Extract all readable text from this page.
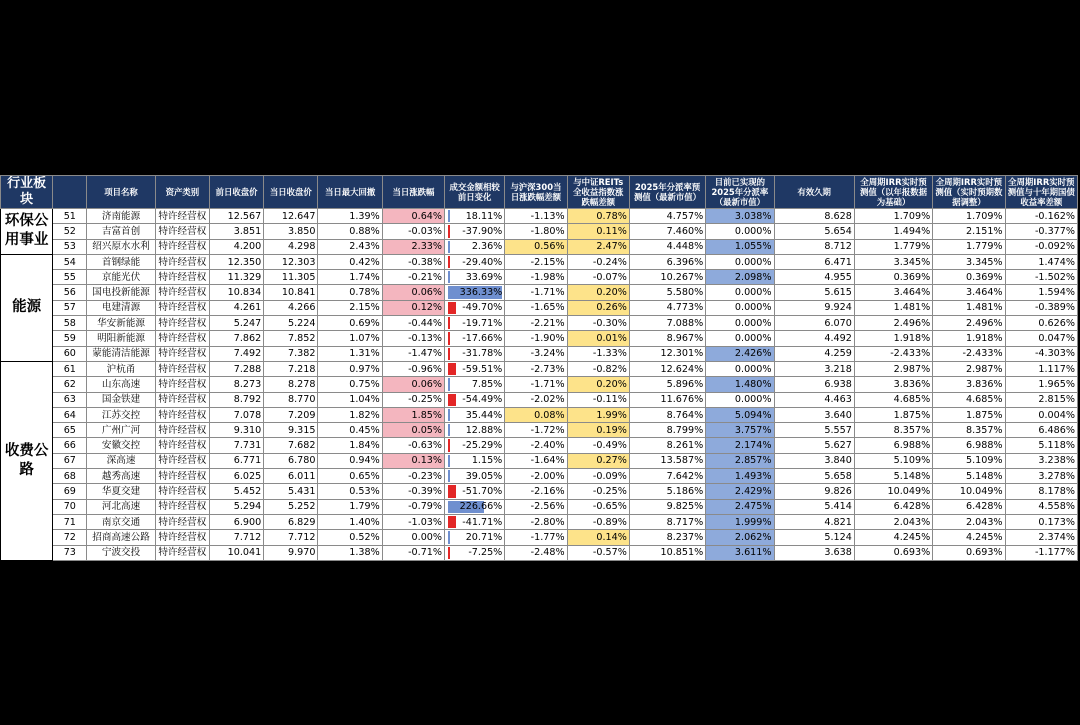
行业板块		项目名称	资产类别	前日收盘价	当日收盘价	当日最大回撤	当日涨跌幅	成交金额相较前日变化	与沪深300当日涨跌幅差额	与中证REITs全收益指数涨跌幅差额	2025年分派率预测值（最新市值）	目前已实现的2025年分派率（最新市值）	有效久期	全周期IRR实时预测值（以年报数据为基础）	全周期IRR实时预测值（实时预期数据调整）	全周期IRR实时预测值与十年期国债收益率差额
环保公用事业	51	济南能源	特许经营权	12.567	12.647	1.39%	0.64%	18.11%	-1.13%	0.78%	4.757%	3.038%	8.628	1.709%	1.709%	-0.162%
	52	吉富首创	特许经营权	3.851	3.850	0.88%	-0.03%	-37.90%	-1.80%	0.11%	7.460%	0.000%	5.654	1.494%	2.151%	-0.377%
	53	绍兴原水水利	特许经营权	4.200	4.298	2.43%	2.33%	2.36%	0.56%	2.47%	4.448%	1.055%	8.712	1.779%	1.779%	-0.092%
能源	54	首钢绿能	特许经营权	12.350	12.303	0.42%	-0.38%	-29.40%	-2.15%	-0.24%	6.396%	0.000%	6.471	3.345%	3.345%	1.474%
	55	京能光伏	特许经营权	11.329	11.305	1.74%	-0.21%	33.69%	-1.98%	-0.07%	10.267%	2.098%	4.955	0.369%	0.369%	-1.502%
	56	国电投新能源	特许经营权	10.834	10.841	0.78%	0.06%	336.33%	-1.71%	0.20%	5.580%	0.000%	5.615	3.464%	3.464%	1.594%
	57	电建清源	特许经营权	4.261	4.266	2.15%	0.12%	-49.70%	-1.65%	0.26%	4.773%	0.000%	9.924	1.481%	1.481%	-0.389%
	58	华安新能源	特许经营权	5.247	5.224	0.69%	-0.44%	-19.71%	-2.21%	-0.30%	7.088%	0.000%	6.070	2.496%	2.496%	0.626%
	59	明阳新能源	特许经营权	7.862	7.852	1.07%	-0.13%	-17.66%	-1.90%	0.01%	8.967%	0.000%	4.492	1.918%	1.918%	0.047%
	60	蒙能清洁能源	特许经营权	7.492	7.382	1.31%	-1.47%	-31.78%	-3.24%	-1.33%	12.301%	2.426%	4.259	-2.433%	-2.433%	-4.303%
收费公路	61	沪杭甬	特许经营权	7.288	7.218	0.97%	-0.96%	-59.51%	-2.73%	-0.82%	12.624%	0.000%	3.218	2.987%	2.987%	1.117%
	62	山东高速	特许经营权	8.273	8.278	0.75%	0.06%	7.85%	-1.71%	0.20%	5.896%	1.480%	6.938	3.836%	3.836%	1.965%
	63	国金铁建	特许经营权	8.792	8.770	1.04%	-0.25%	-54.49%	-2.02%	-0.11%	11.676%	0.000%	4.463	4.685%	4.685%	2.815%
	64	江苏交控	特许经营权	7.078	7.209	1.82%	1.85%	35.44%	0.08%	1.99%	8.764%	5.094%	3.640	1.875%	1.875%	0.004%
	65	广州广河	特许经营权	9.310	9.315	0.45%	0.05%	12.88%	-1.72%	0.19%	8.799%	3.757%	5.557	8.357%	8.357%	6.486%
	66	安徽交控	特许经营权	7.731	7.682	1.84%	-0.63%	-25.29%	-2.40%	-0.49%	8.261%	2.174%	5.627	6.988%	6.988%	5.118%
	67	深高速	特许经营权	6.771	6.780	0.94%	0.13%	1.15%	-1.64%	0.27%	13.587%	2.857%	3.840	5.109%	5.109%	3.238%
	68	越秀高速	特许经营权	6.025	6.011	0.65%	-0.23%	39.05%	-2.00%	-0.09%	7.642%	1.493%	5.658	5.148%	5.148%	3.278%
	69	华夏交建	特许经营权	5.452	5.431	0.53%	-0.39%	-51.70%	-2.16%	-0.25%	5.186%	2.429%	9.826	10.049%	10.049%	8.178%
	70	河北高速	特许经营权	5.294	5.252	1.79%	-0.79%	226.66%	-2.56%	-0.65%	9.825%	2.475%	5.414	6.428%	6.428%	4.558%
	71	南京交通	特许经营权	6.900	6.829	1.40%	-1.03%	-41.71%	-2.80%	-0.89%	8.717%	1.999%	4.821	2.043%	2.043%	0.173%
	72	招商高速公路	特许经营权	7.712	7.712	0.52%	0.00%	20.71%	-1.77%	0.14%	8.237%	2.062%	5.124	4.245%	4.245%	2.374%
	73	宁波交投	特许经营权	10.041	9.970	1.38%	-0.71%	-7.25%	-2.48%	-0.57%	10.851%	3.611%	3.638	0.693%	0.693%	-1.177%
